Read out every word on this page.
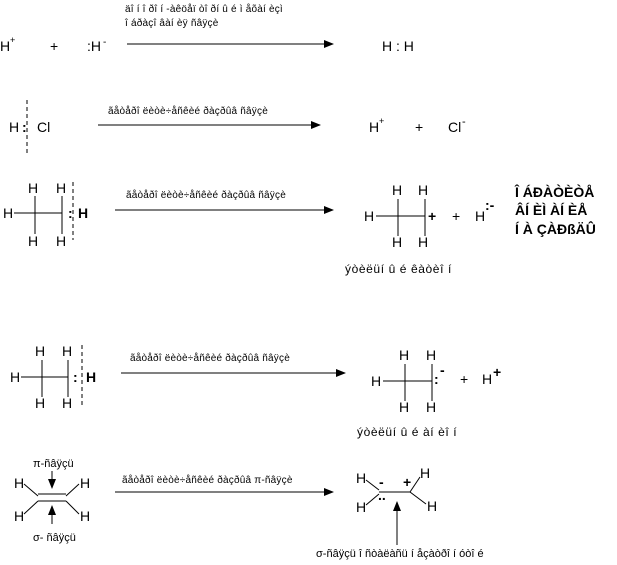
äî í î ðî í -àêöåï òî ðí û é ì åõàí èçì
î áðàçî âàí èÿ ñâÿçè
H + + :H -	H : H
ãåòåðî ëèòè÷åñêèé ðàçðûâ ñâÿçè
H : Cl	H + + Cl -
ãåòåðî ëèòè÷åñêèé ðàçðûâ ñâÿçè
H H
H
H H
: H
H H
H
H H
+ + H
:-
ýòèëüí û é êàòèî í
Î ÁÐÀÒÈÒÅ
ÂÍ ÈÌ ÀÍ ÈÅ
Í À ÇÀÐßÄÛ
ãåòåðî ëèòè÷åñêèé ðàçðûâ ñâÿçè
H H
H
H H
: H
H H
H
H H
:
-
+ H +
ýòèëüí û é àí èî í
ãåòåðî ëèòè÷åñêèé ðàçðûâ π-ñâÿçè
π-ñâÿçü
H	H
H	H
σ- ñâÿçü
H	H
H	H
-
..
+
σ-ñâÿçü î ñòàëàñü í åçàòðî í óòî é
